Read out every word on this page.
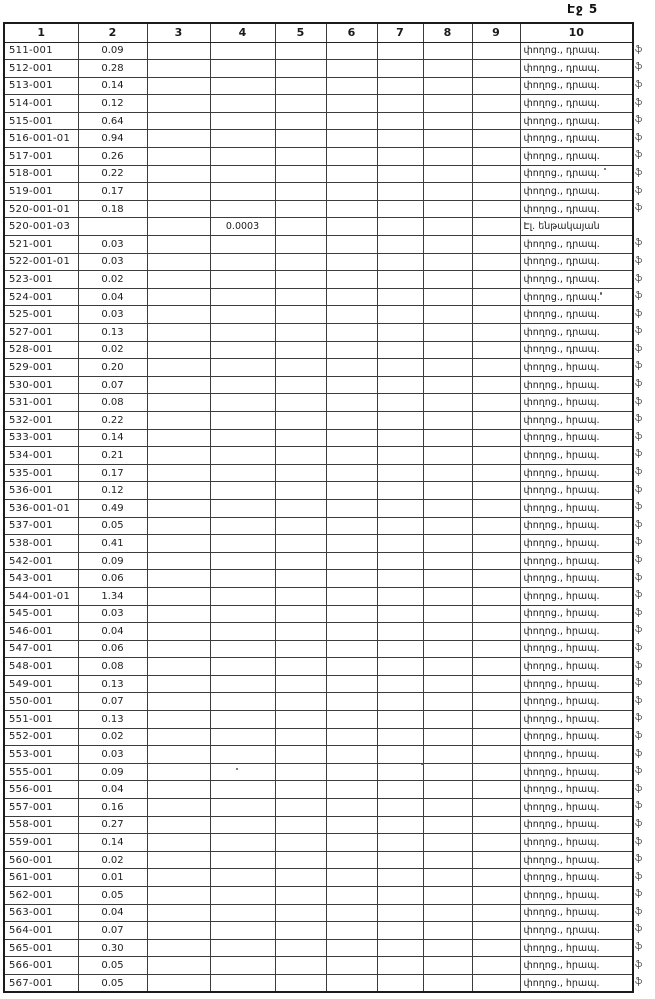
Էջ 5
1	2	3	4	5	6	7	8	9	10
511-001	0.09								փողոց., դրապ.
512-001	0.28								փողոց., դրապ.
513-001	0.14								փողոց., դրապ.
514-001	0.12								փողոց., դրապ.
515-001	0.64								փողոց., դրապ.
516-001-01	0.94								փողոց., դրապ.
517-001	0.26								փողոց., դրապ.
518-001	0.22								փողոց., դրապ.
519-001	0.17								փողոց., դրապ.
520-001-01	0.18								փողոց., դրապ.
520-001-03			0.0003						Էլ. ենթակայան
521-001	0.03								փողոց., դրապ.
522-001-01	0.03								փողոց., դրապ.
523-001	0.02								փողոց., դրապ.
524-001	0.04								փողոց., դրապ.
525-001	0.03								փողոց., դրապ.
527-001	0.13								փողոց., դրապ.
528-001	0.02								փողոց., դրապ.
529-001	0.20								փողոց., հրապ.
530-001	0.07								փողոց., հրապ.
531-001	0.08								փողոց., հրապ.
532-001	0.22								փողոց., հրապ.
533-001	0.14								փողոց., հրապ.
534-001	0.21								փողոց., հրապ.
535-001	0.17								փողոց., հրապ.
536-001	0.12								փողոց., հրապ.
536-001-01	0.49								փողոց., հրապ.
537-001	0.05								փողոց., հրապ.
538-001	0.41								փողոց., հրապ.
542-001	0.09								փողոց., հրապ.
543-001	0.06								փողոց., հրապ.
544-001-01	1.34								փողոց., հրապ.
545-001	0.03								փողոց., հրապ.
546-001	0.04								փողոց., հրապ.
547-001	0.06								փողոց., հրապ.
548-001	0.08								փողոց., հրապ.
549-001	0.13								փողոց., հրապ.
550-001	0.07								փողոց., հրապ.
551-001	0.13								փողոց., հրապ.
552-001	0.02								փողոց., հրապ.
553-001	0.03								փողոց., հրապ.
555-001	0.09								փողոց., հրապ.
556-001	0.04								փողոց., հրապ.
557-001	0.16								փողոց., հրապ.
558-001	0.27								փողոց., հրապ.
559-001	0.14								փողոց., հրապ.
560-001	0.02								փողոց., հրապ.
561-001	0.01								փողոց., հրապ.
562-001	0.05								փողոց., հրապ.
563-001	0.04								փողոց., հրապ.
564-001	0.07								փողոց., դրապ.
565-001	0.30								փողոց., հրապ.
566-001	0.05								փողոց., հրապ.
567-001	0.05								փողոց., հրապ.
ֆ
ֆ
ֆ
ֆ
ֆ
ֆ
ֆ
ֆ
ֆ
ֆ
ֆ
ֆ
ֆ
ֆ
ֆ
ֆ
ֆ
ֆ
ֆ
ֆ
ֆ
ֆ
ֆ
ֆ
ֆ
ֆ
ֆ
ֆ
ֆ
ֆ
ֆ
ֆ
ֆ
ֆ
ֆ
ֆ
ֆ
ֆ
ֆ
ֆ
ֆ
ֆ
ֆ
ֆ
ֆ
ֆ
ֆ
ֆ
ֆ
ֆ
ֆ
ֆ
ֆ
